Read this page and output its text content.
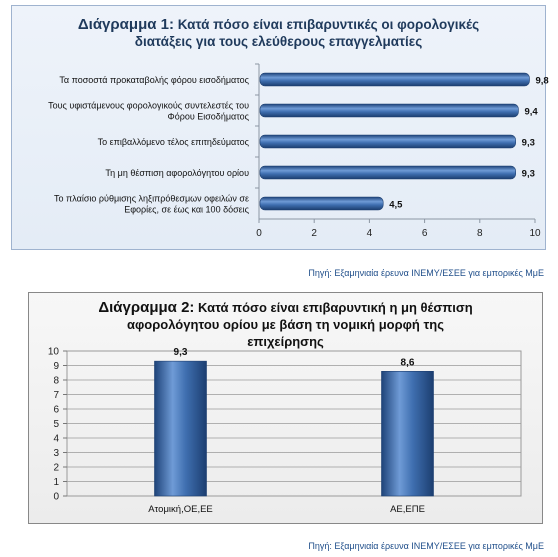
Διάγραμμα 1: Κατά πόσο είναι επιβαρυντικές οι φορολογικές διατάξεις για τους ελεύθερους επαγγελματίες
0	2	4	6	8	10
9,8
Τα ποσοστά προκαταβολής φόρου εισοδήματος
9,4
Τους υφιστάμενους φορολογικούς συντελεστές του
Φόρου Εισοδήματος
9,3
Το επιβαλλόμενο τέλος επιτηδεύματος
9,3
Τη μη θέσπιση αφορολόγητου ορίου
4,5
Το πλαίσιο ρύθμισης ληξιπρόθεσμων οφειλών σε
Εφορίες, σε έως και 100 δόσεις
Πηγή: Εξαμηνιαία έρευνα ΙΝΕΜΥ/ΕΣΕΕ για εμπορικές ΜμΕ
Διάγραμμα 2: Κατά πόσο είναι επιβαρυντική η μη θέσπιση αφορολόγητου ορίου με βάση τη νομική μορφή της επιχείρησης
0
1
2
3
4
5
6
7
8
9
10	9,3
Ατομική,ΟΕ,ΕΕ
8,6
ΑΕ,ΕΠΕ
Πηγή: Εξαμηνιαία έρευνα ΙΝΕΜΥ/ΕΣΕΕ για εμπορικές ΜμΕ
